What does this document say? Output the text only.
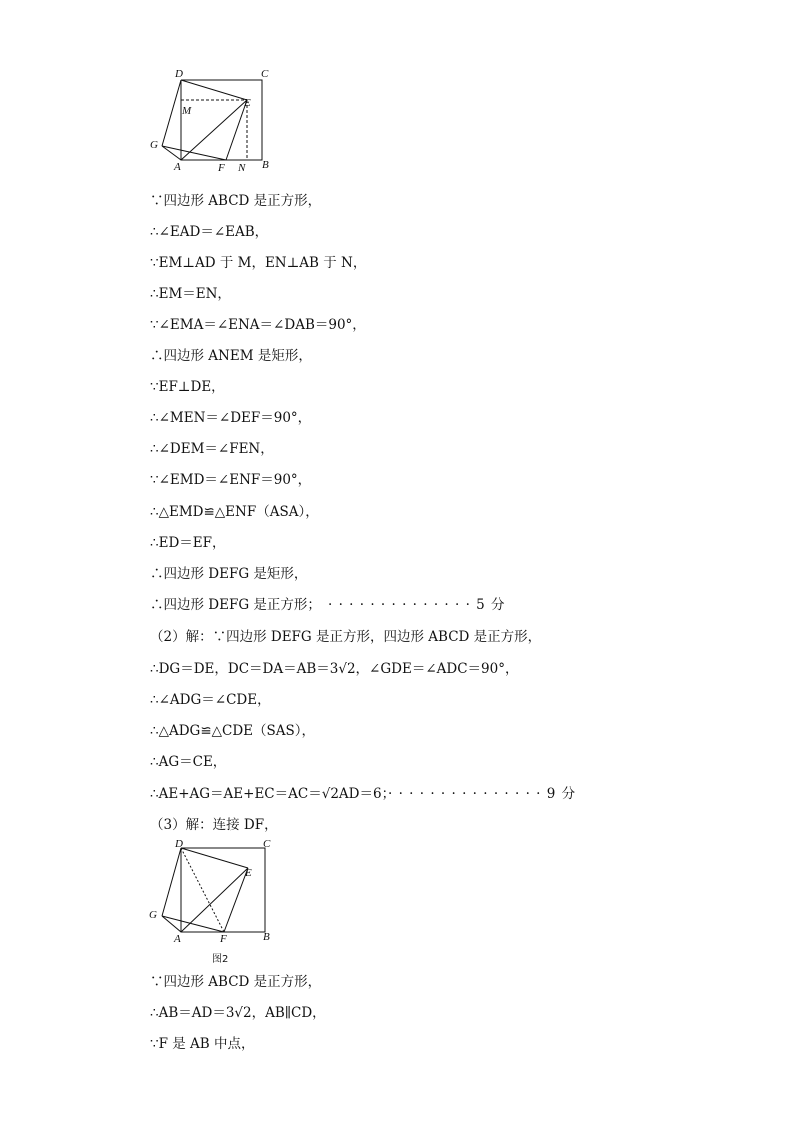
D	C
E
M
G
A	F N B
∵四边形 ABCD 是正方形，
∴∠EAD＝∠EAB，
∵EM⊥AD 于 M，EN⊥AB 于 N，
∴EM＝EN，
∵∠EMA＝∠ENA＝∠DAB＝90°，
∴四边形 ANEM 是矩形，
∵EF⊥DE，
∴∠MEN＝∠DEF＝90°，
∴∠DEM＝∠FEN，
∵∠EMD＝∠ENF＝90°，
∴△EMD≌△ENF（ASA），
∴ED＝EF，
∴四边形 DEFG 是矩形，
∴四边形 DEFG 是正方形； · · · · · · · · · · · · · · 5 分
（2）解：∵四边形 DEFG 是正方形，四边形 ABCD 是正方形，
∴DG＝DE，DC＝DA＝AB＝3√2，∠GDE＝∠ADC＝90°，
∴∠ADG＝∠CDE，
∴△ADG≌△CDE（SAS），
∴AG＝CE，
∴AE+AG＝AE+EC＝AC＝√2AD＝6；
· · · · · · · · · · · · · · · 9 分
（3）解：连接 DF，
D	C
E
G
A	F	B
图2
∵四边形 ABCD 是正方形，
∴AB＝AD＝3√2，AB∥CD，
∵F 是 AB 中点，
